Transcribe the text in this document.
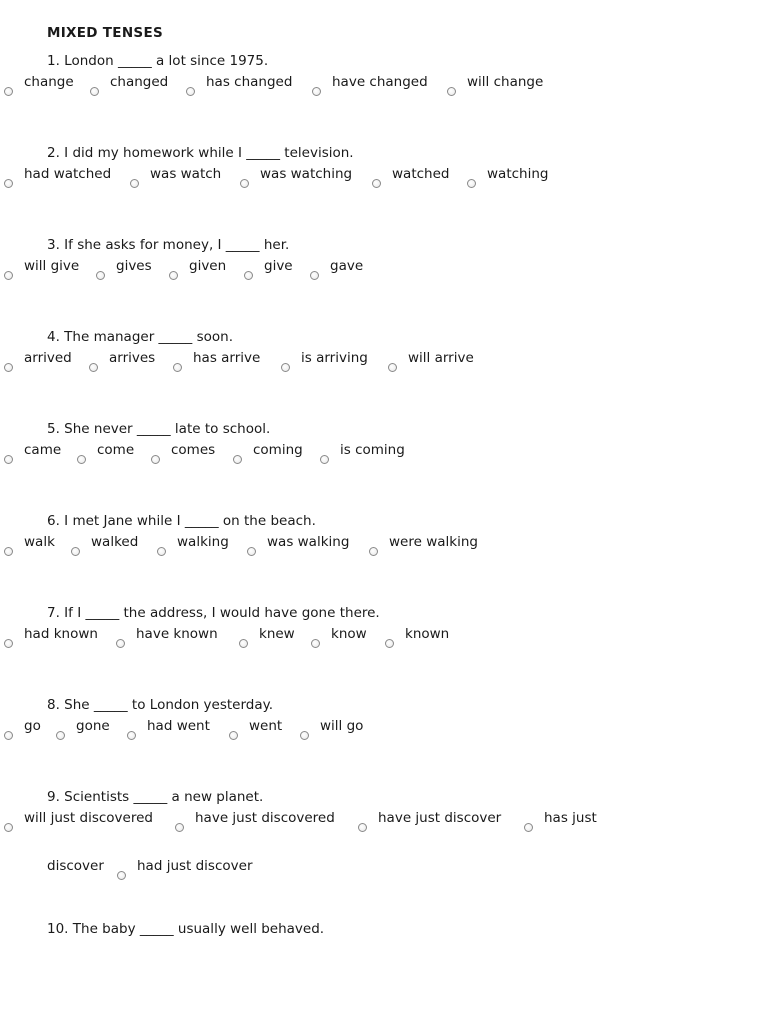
MIXED TENSES
1. London _____ a lot since 1975.
change	changed	has changed	have changed	will change
2. I did my homework while I _____ television.
had watched	was watch	was watching	watched	watching
3. If she asks for money, I _____ her.
will give	gives	given	give	gave
4. The manager _____ soon.
arrived	arrives	has arrive	is arriving	will arrive
5. She never _____ late to school.
came	come	comes	coming	is coming
6. I met Jane while I _____ on the beach.
walk	walked	walking	was walking	were walking
7. If I _____ the address, I would have gone there.
had known	have known	knew	know	known
8. She _____ to London yesterday.
go	gone	had went	went	will go
9. Scientists _____ a new planet.
will just discovered	have just discovered	have just discover	has just
discover had just discover
10. The baby _____ usually well behaved.
